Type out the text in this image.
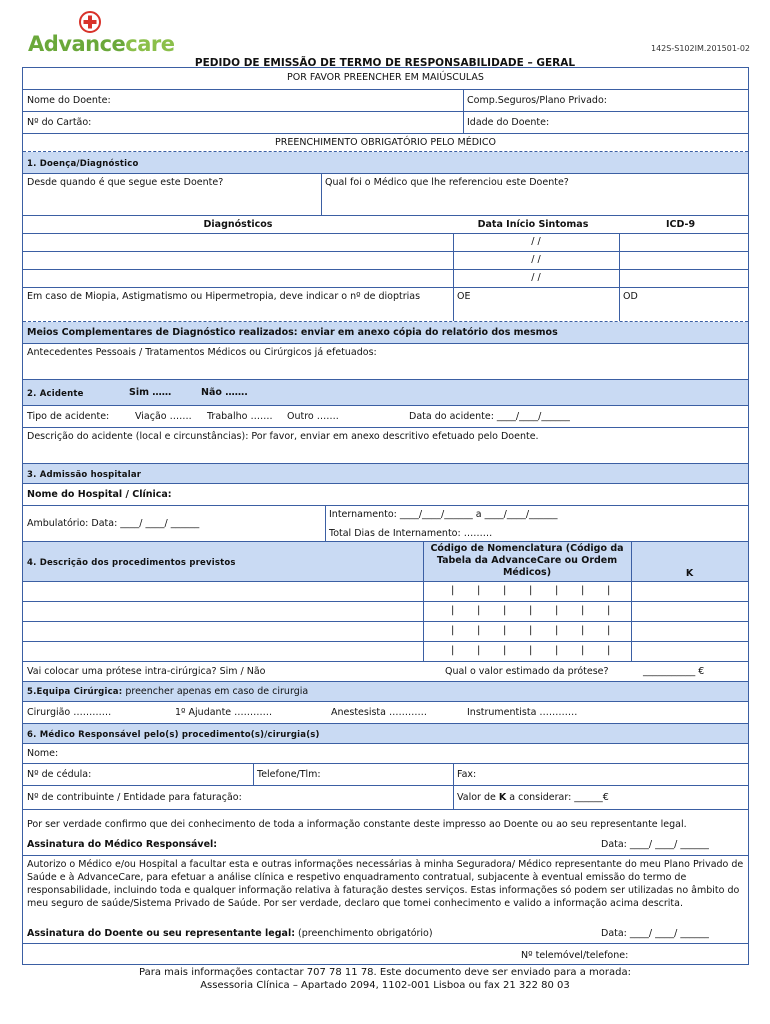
Advancecare	142S-S102IM.201501-02
PEDIDO DE EMISSÃO DE TERMO DE RESPONSABILIDADE – GERAL
POR FAVOR PREENCHER EM MAIÚSCULAS
Nome do Doente:	Comp.Seguros/Plano Privado:
Nº do Cartão:	Idade do Doente:
PREENCHIMENTO OBRIGATÓRIO PELO MÉDICO
1. Doença/Diagnóstico
Desde quando é que segue este Doente?	Qual foi o Médico que lhe referenciou este Doente?
Diagnósticos	Data Início Sintomas	ICD-9
/ /
/ /
/ /
Em caso de Miopia, Astigmatismo ou Hipermetropia, deve indicar o nº de dioptrias	OE	OD
Meios Complementares de Diagnóstico realizados: enviar em anexo cópia do relatório dos mesmos
Antecedentes Pessoais / Tratamentos Médicos ou Cirúrgicos já efetuados:
2. Acidente	Sim ……	Não …….
Tipo de acidente:	Viação …….	Trabalho …….	Outro …….	Data do acidente: ____/____/______
Descrição do acidente (local e circunstâncias): Por favor, enviar em anexo descritivo efetuado pelo Doente.
3. Admissão hospitalar
Nome do Hospital / Clínica:
Ambulatório: Data: ____/ ____/ ______
Internamento: ____/____/______ a ____/____/______
Total Dias de Internamento: ………
4. Descrição dos procedimentos previstos
Código de Nomenclatura (Código da Tabela da AdvanceCare ou Ordem Médicos)	K
| | | | | | |
| | | | | | |
| | | | | | |
| | | | | | |
Vai colocar uma prótese intra-cirúrgica? Sim / Não	Qual o valor estimado da prótese?	___________ €
5.Equipa Cirúrgica: preencher apenas em caso de cirurgia
Cirurgião …………	1º Ajudante …………	Anestesista …………	Instrumentista …………
6. Médico Responsável pelo(s) procedimento(s)/cirurgia(s)
Nome:
Nº de cédula:	Telefone/Tlm:	Fax:
Nº de contribuinte / Entidade para faturação:	Valor de K a considerar: ______€
Por ser verdade confirmo que dei conhecimento de toda a informação constante deste impresso ao Doente ou ao seu representante legal.
Assinatura do Médico Responsável:	Data: ____/ ____/ ______
Autorizo o Médico e/ou Hospital a facultar esta e outras informações necessárias à minha Seguradora/ Médico representante do meu Plano Privado de Saúde e à AdvanceCare, para efetuar a análise clínica e respetivo enquadramento contratual, subjacente à eventual emissão do termo de responsabilidade, incluindo toda e qualquer informação relativa à faturação destes serviços. Estas informações só podem ser utilizadas no âmbito do meu seguro de saúde/Sistema Privado de Saúde. Por ser verdade, declaro que tomei conhecimento e valido a informação acima descrita.
Assinatura do Doente ou seu representante legal: (preenchimento obrigatório)	Data: ____/ ____/ ______
Nº telemóvel/telefone:
Para mais informações contactar 707 78 11 78. Este documento deve ser enviado para a morada:
Assessoria Clínica – Apartado 2094, 1102-001 Lisboa ou fax 21 322 80 03
